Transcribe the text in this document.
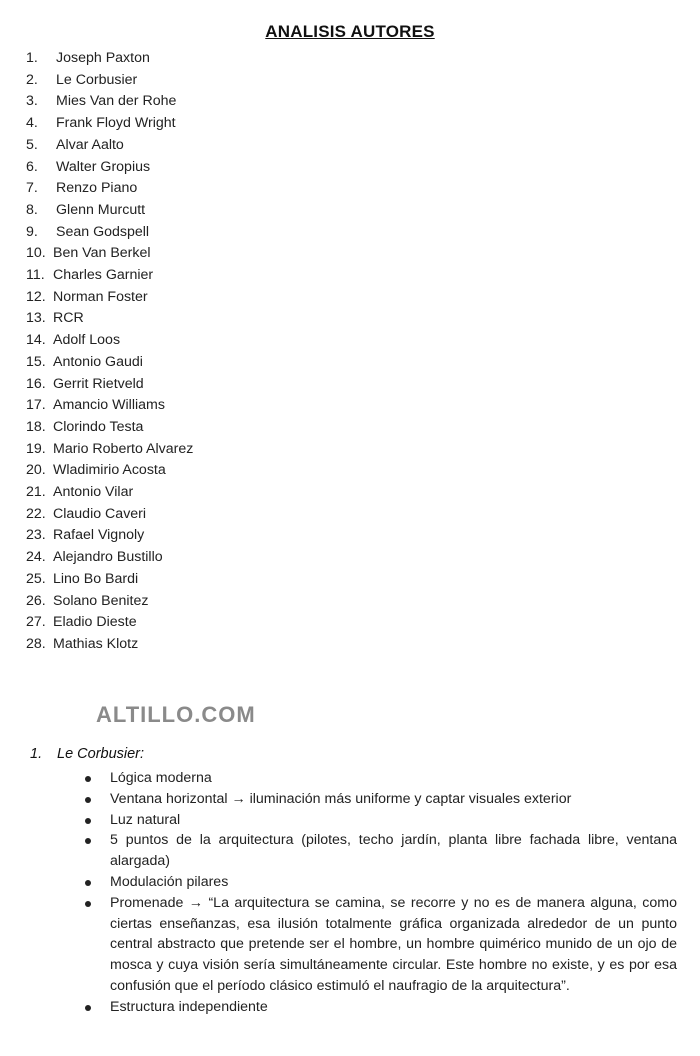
ANALISIS AUTORES
1.	Joseph Paxton
2.	Le Corbusier
3.	Mies Van der Rohe
4.	Frank Floyd Wright
5.	Alvar Aalto
6.	Walter Gropius
7.	Renzo Piano
8.	Glenn Murcutt
9.	Sean Godspell
10. Ben Van Berkel
11. Charles Garnier
12. Norman Foster
13. RCR
14. Adolf Loos
15. Antonio Gaudi
16. Gerrit Rietveld
17. Amancio Williams
18. Clorindo Testa
19. Mario Roberto Alvarez
20. Wladimirio Acosta
21. Antonio Vilar
22. Claudio Caveri
23. Rafael Vignoly
24. Alejandro Bustillo
25. Lino Bo Bardi
26. Solano Benitez
27. Eladio Dieste
28. Mathias Klotz
ALTILLO.COM
1. Le Corbusier:
Lógica moderna
Ventana horizontal → iluminación más uniforme y captar visuales exterior
Luz natural
5 puntos de la arquitectura (pilotes, techo jardín, planta libre fachada libre, ventana alargada)
Modulación pilares
Promenade → “La arquitectura se camina, se recorre y no es de manera alguna, como ciertas enseñanzas, esa ilusión totalmente gráfica organizada alrededor de un punto central abstracto que pretende ser el hombre, un hombre quimérico munido de un ojo de mosca y cuya visión sería simultáneamente circular. Este hombre no existe, y es por esa confusión que el período clásico estimuló el naufragio de la arquitectura”.
Estructura independiente
